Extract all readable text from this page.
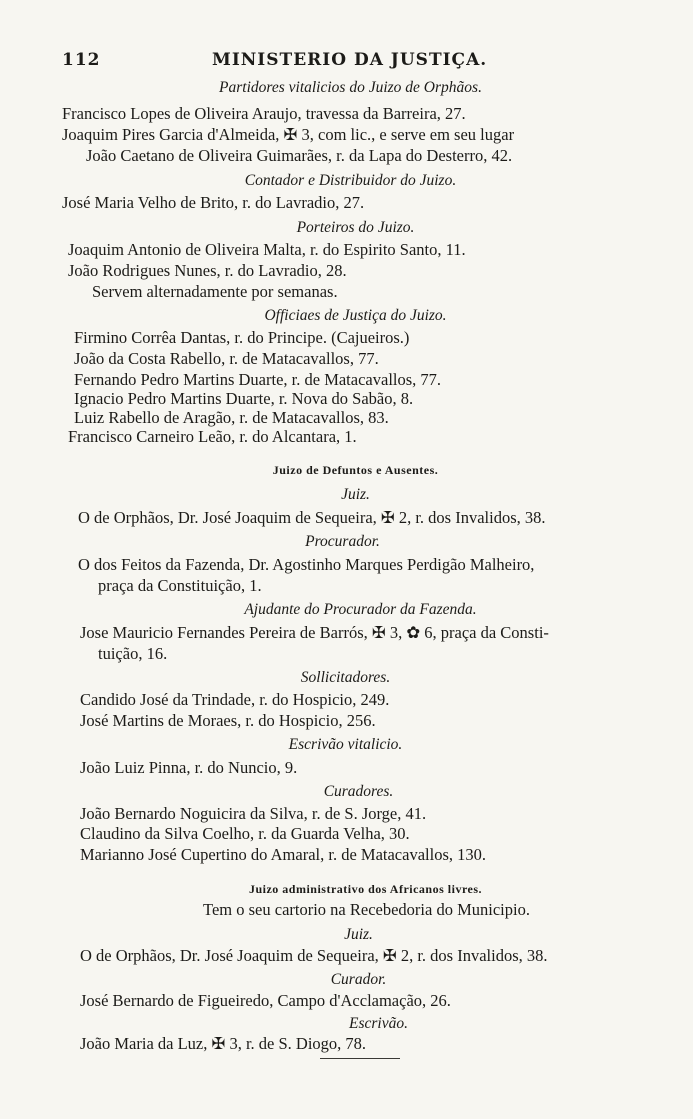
112	MINISTERIO DA JUSTIÇA.
Partidores vitalicios do Juizo de Orphãos.
Francisco Lopes de Oliveira Araujo, travessa da Barreira, 27.
Joaquim Pires Garcia d'Almeida, ✠ 3, com lic., e serve em seu lugar
João Caetano de Oliveira Guimarães, r. da Lapa do Desterro, 42.
Contador e Distribuidor do Juizo.
José Maria Velho de Brito, r. do Lavradio, 27.
Porteiros do Juizo.
Joaquim Antonio de Oliveira Malta, r. do Espirito Santo, 11.
João Rodrigues Nunes, r. do Lavradio, 28.
Servem alternadamente por semanas.
Officiaes de Justiça do Juizo.
Firmino Corrêa Dantas, r. do Principe. (Cajueiros.)
João da Costa Rabello, r. de Matacavallos, 77.
Fernando Pedro Martins Duarte, r. de Matacavallos, 77.
Ignacio Pedro Martins Duarte, r. Nova do Sabão, 8.
Luiz Rabello de Aragão, r. de Matacavallos, 83.
Francisco Carneiro Leão, r. do Alcantara, 1.
Juizo de Defuntos e Ausentes.
Juiz.
O de Orphãos, Dr. José Joaquim de Sequeira, ✠ 2, r. dos Invalidos, 38.
Procurador.
O dos Feitos da Fazenda, Dr. Agostinho Marques Perdigão Malheiro,
praça da Constituição, 1.
Ajudante do Procurador da Fazenda.
Jose Mauricio Fernandes Pereira de Barrós, ✠ 3, ✿ 6, praça da Consti-
tuição, 16.
Sollicitadores.
Candido José da Trindade, r. do Hospicio, 249.
José Martins de Moraes, r. do Hospicio, 256.
Escrivão vitalicio.
João Luiz Pinna, r. do Nuncio, 9.
Curadores.
João Bernardo Noguicira da Silva, r. de S. Jorge, 41.
Claudino da Silva Coelho, r. da Guarda Velha, 30.
Marianno José Cupertino do Amaral, r. de Matacavallos, 130.
Juizo administrativo dos Africanos livres.
Tem o seu cartorio na Recebedoria do Municipio.
Juiz.
O de Orphãos, Dr. José Joaquim de Sequeira, ✠ 2, r. dos Invalidos, 38.
Curador.
José Bernardo de Figueiredo, Campo d'Acclamação, 26.
Escrivão.
João Maria da Luz, ✠ 3, r. de S. Diogo, 78.
